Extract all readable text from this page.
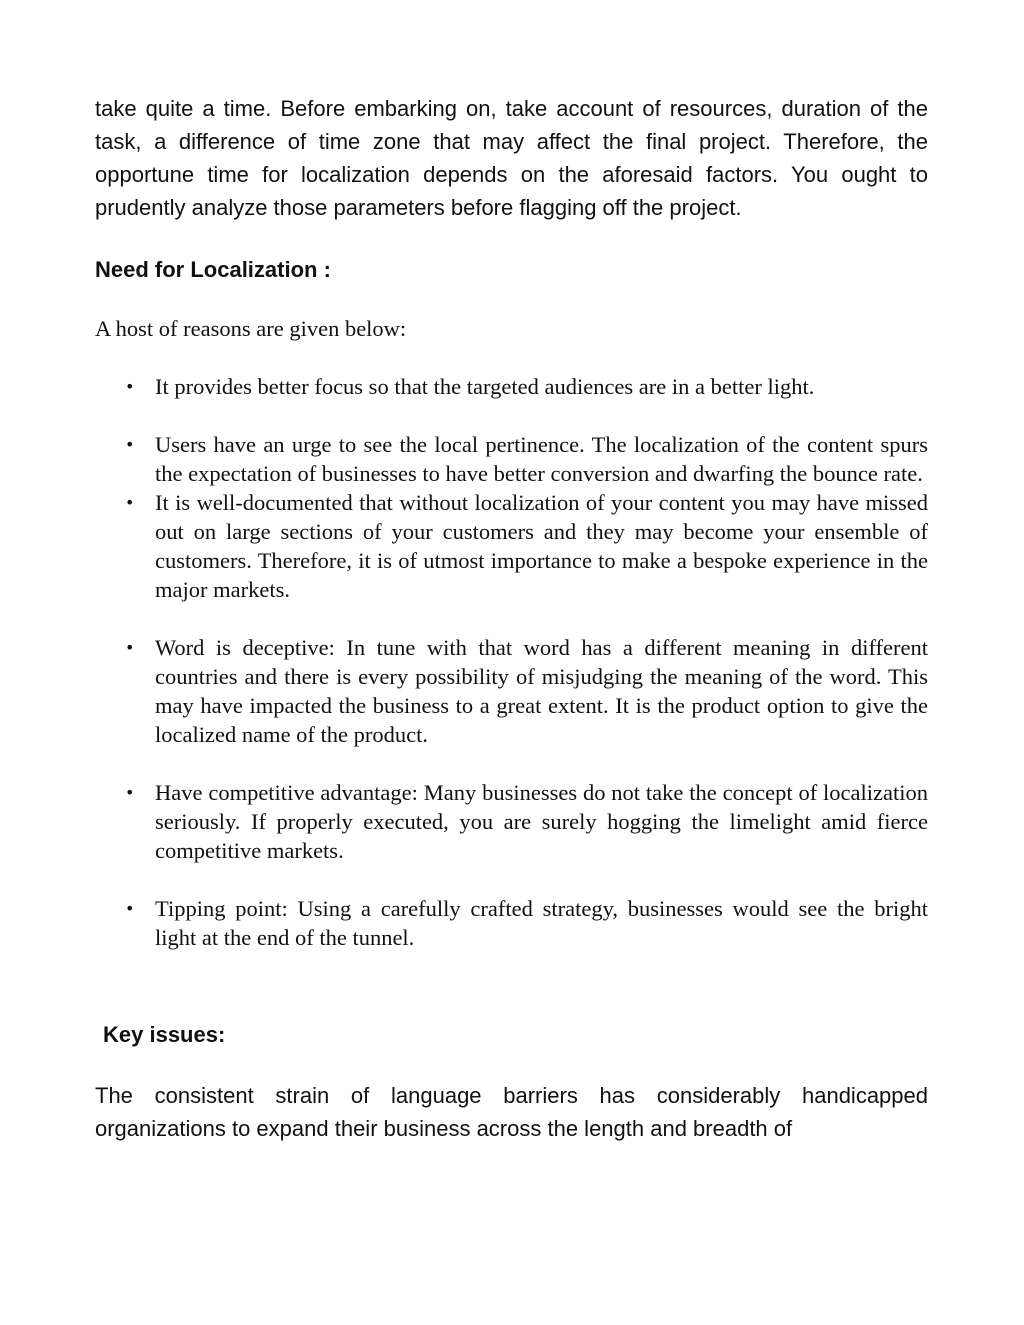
take quite a time. Before embarking on, take account of resources, duration of the task, a difference of time zone that may affect the final project. Therefore, the opportune time for localization depends on the aforesaid factors. You ought to prudently analyze those parameters before flagging off the project.

Need for Localization :

A host of reasons are given below:

• It provides better focus so that the targeted audiences are in a better light.
• Users have an urge to see the local pertinence. The localization of the content spurs the expectation of businesses to have better conversion and dwarfing the bounce rate.
• It is well-documented that without localization of your content you may have missed out on large sections of your customers and they may become your ensemble of customers. Therefore, it is of utmost importance to make a bespoke experience in the major markets.
• Word is deceptive: In tune with that word has a different meaning in different countries and there is every possibility of misjudging the meaning of the word. This may have impacted the business to a great extent. It is the product option to give the localized name of the product.
• Have competitive advantage: Many businesses do not take the concept of localization seriously. If properly executed, you are surely hogging the limelight amid fierce competitive markets.
• Tipping point: Using a carefully crafted strategy, businesses would see the bright light at the end of the tunnel.
Key issues:

The consistent strain of language barriers has considerably handicapped organizations to expand their business across the length and breadth of
